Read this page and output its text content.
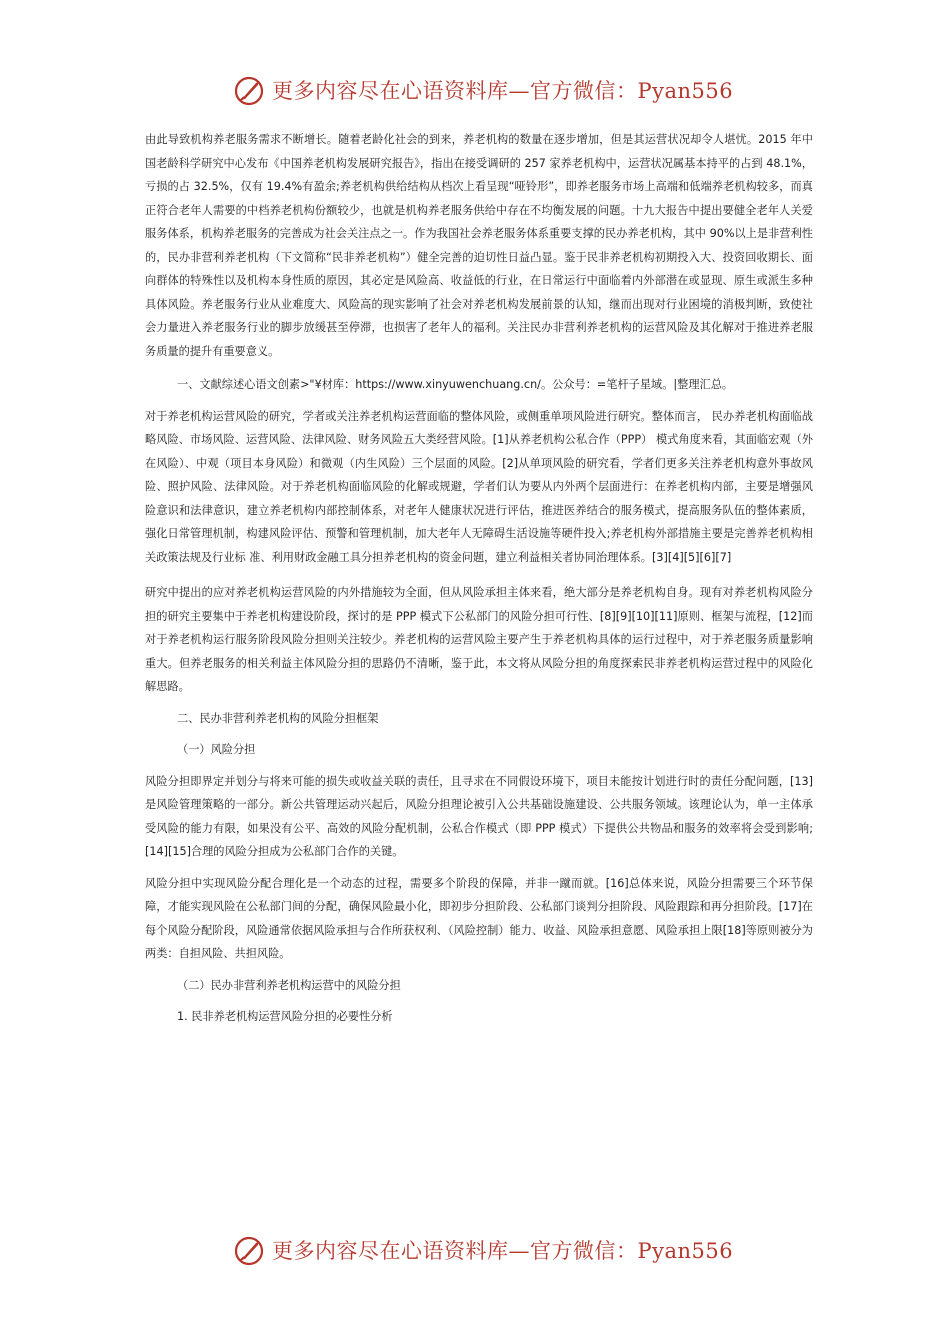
更多内容尽在心语资料库—官方微信：Pyan556

由此导致机构养老服务需求不断增长。随着老龄化社会的到来，养老机构的数量在逐步增加，但是其运营状况却令人堪忧。2015 年中国老龄科学研究中心发布《中国养老机构发展研究报告》，指出在接受调研的 257 家养老机构中，运营状况属基本持平的占到 48.1%，亏损的占 32.5%，仅有 19.4%有盈余;养老机构供给结构从档次上看呈现“哑铃形”，即养老服务市场上高端和低端养老机构较多，而真正符合老年人需要的中档养老机构份额较少，也就是机构养老服务供给中存在不均衡发展的问题。十九大报告中提出要健全老年人关爱服务体系，机构养老服务的完善成为社会关注点之一。作为我国社会养老服务体系重要支撑的民办养老机构，其中 90%以上是非营利性的，民办非营利养老机构（下文简称“民非养老机构”）健全完善的迫切性日益凸显。鉴于民非养老机构初期投入大、投资回收期长、面向群体的特殊性以及机构本身性质的原因，其必定是风险高、收益低的行业，在日常运行中面临着内外部潜在或显现、原生或派生多种具体风险。养老服务行业从业难度大、风险高的现实影响了社会对养老机构发展前景的认知，继而出现对行业困境的消极判断，致使社会力量进入养老服务行业的脚步放缓甚至停滞，也损害了老年人的福利。关注民办非营利养老机构的运营风险及其化解对于推进养老服务质量的提升有重要意义。

一、文献综述心语文创素>"¥材库：https://www.xinyuwenchuang.cn/。公众号：=笔杆子星域。|整理汇总。

对于养老机构运营风险的研究，学者或关注养老机构运营面临的整体风险，或侧重单项风险进行研究。整体而言， 民办养老机构面临战略风险、市场风险、运营风险、法律风险、财务风险五大类经营风险。[1]从养老机构公私合作（PPP） 模式角度来看，其面临宏观（外在风险）、中观（项目本身风险）和微观（内生风险）三个层面的风险。[2]从单项风险的研究看，学者们更多关注养老机构意外事故风险、照护风险、法律风险。对于养老机构面临风险的化解或规避，学者们认为要从内外两个层面进行：在养老机构内部，主要是增强风险意识和法律意识，建立养老机构内部控制体系，对老年人健康状况进行评估，推进医养结合的服务模式，提高服务队伍的整体素质，强化日常管理机制，构建风险评估、预警和管理机制，加大老年人无障碍生活设施等硬件投入;养老机构外部措施主要是完善养老机构相关政策法规及行业标 准、利用财政金融工具分担养老机构的资金问题，建立利益相关者协同治理体系。[3][4][5][6][7]

研究中提出的应对养老机构运营风险的内外措施较为全面，但从风险承担主体来看，绝大部分是养老机构自身。现有对养老机构风险分担的研究主要集中于养老机构建设阶段，探讨的是 PPP 模式下公私部门的风险分担可行性、[8][9][10][11]原则、框架与流程，[12]而对于养老机构运行服务阶段风险分担则关注较少。养老机构的运营风险主要产生于养老机构具体的运行过程中，对于养老服务质量影响重大。但养老服务的相关利益主体风险分担的思路仍不清晰，鉴于此，本文将从风险分担的角度探索民非养老机构运营过程中的风险化解思路。

二、民办非营利养老机构的风险分担框架

（一）风险分担

风险分担即界定并划分与将来可能的损失或收益关联的责任，且寻求在不同假设环境下，项目未能按计划进行时的责任分配问题，[13]是风险管理策略的一部分。新公共管理运动兴起后，风险分担理论被引入公共基础设施建设、公共服务领域。该理论认为，单一主体承受风险的能力有限，如果没有公平、高效的风险分配机制，公私合作模式（即 PPP 模式）下提供公共物品和服务的效率将会受到影响;[14][15]合理的风险分担成为公私部门合作的关键。

风险分担中实现风险分配合理化是一个动态的过程，需要多个阶段的保障，并非一蹴而就。[16]总体来说，风险分担需要三个环节保障，才能实现风险在公私部门间的分配，确保风险最小化，即初步分担阶段、公私部门谈判分担阶段、风险跟踪和再分担阶段。[17]在每个风险分配阶段，风险通常依据风险承担与合作所获权利、（风险控制）能力、收益、风险承担意愿、风险承担上限[18]等原则被分为两类：自担风险、共担风险。

（二）民办非营利养老机构运营中的风险分担

1. 民非养老机构运营风险分担的必要性分析

更多内容尽在心语资料库—官方微信：Pyan556
